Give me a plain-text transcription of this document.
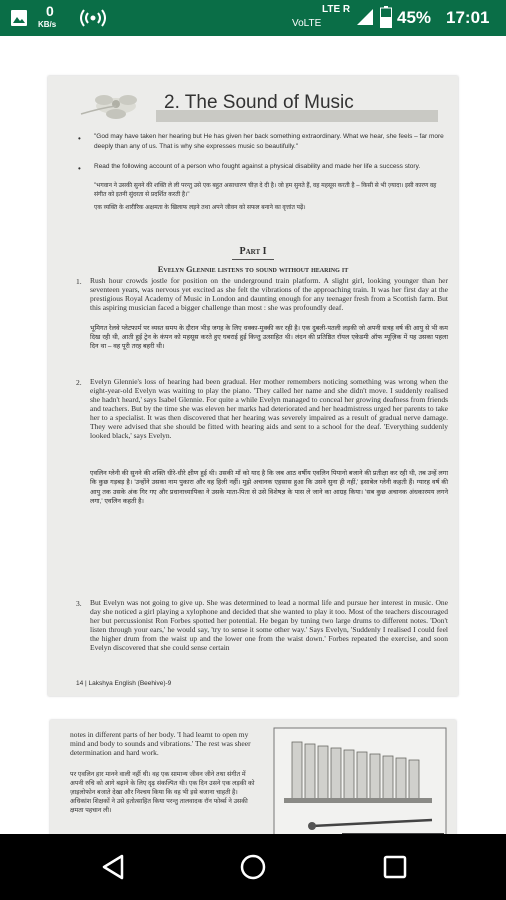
0
KB/s
LTE R
VoLTE	45% 17:01
2. The Sound of Music
• "God may have taken her hearing but He has given her back something extraordinary. What we hear, she feels – far more deeply than any of us. That is why she expresses music so beautifully."
• Read the following account of a person who fought against a physical disability and made her life a success story.
"भगवान ने उसकी सुनने की शक्ति ले ली परन्तु उसे एक बहुत असाधारण चीज़ दे दी है। जो हम सुनते हैं, वह महसूस करती है – किसी से भी ज़्यादा। इसी कारण वह संगीत को इतनी सुंदरता से प्रदर्शित करती है।"
एक व्यक्ति के शारीरिक अक्षमता के खिलाफ लड़ने तथा अपने जीवन को सफल बनाने का वृत्तांत पढ़ें।
Part I
Evelyn Glennie listens to sound without hearing it
1. Rush hour crowds jostle for position on the underground train platform. A slight girl, looking younger than her seventeen years, was nervous yet excited as she felt the vibrations of the approaching train. It was her first day at the prestigious Royal Academy of Music in London and daunting enough for any teenager fresh from a Scottish farm. But this aspiring musician faced a bigger challenge than most : she was profoundly deaf.
भूमिगत रेलवे प्लेटफार्म पर व्यस्त समय के दौरान भीड़ जगह के लिए धक्का-मुक्की कर रही है। एक दुबली-पतली लड़की जो अपनी सत्रह वर्ष की आयु से भी कम दिख रही थी, आती हुई ट्रेन के कंपन को महसूस करते हुए घबराई हुई किन्तु उत्साहित थी। लंदन की प्रतिष्ठित रॉयल एकेडमी ऑफ म्यूज़िक में यह उसका पहला दिन था – वह पूरी तरह बहरी थी।
2. Evelyn Glennie's loss of hearing had been gradual. Her mother remembers noticing something was wrong when the eight-year-old Evelyn was waiting to play the piano. 'They called her name and she didn't move. I suddenly realised she hadn't heard,' says Isabel Glennie. For quite a while Evelyn managed to conceal her growing deafness from friends and teachers. But by the time she was eleven her marks had deteriorated and her headmistress urged her parents to take her to a specialist. It was then discovered that her hearing was severely impaired as a result of gradual nerve damage. They were advised that she should be fitted with hearing aids and sent to a school for the deaf. 'Everything suddenly looked black,' says Evelyn.
एवलिन ग्लेनी की सुनने की शक्ति धीरे-धीरे क्षीण हुई थी। उसकी माँ को याद है कि जब आठ वर्षीय एवलिन पियानो बजाने की प्रतीक्षा कर रही थी, तब उन्हें लगा कि कुछ गड़बड़ है। 'उन्होंने उसका नाम पुकारा और वह हिली नहीं। मुझे अचानक एहसास हुआ कि उसने सुना ही नहीं,' इसाबेल ग्लेनी कहती हैं। ग्यारह वर्ष की आयु तक उसके अंक गिर गए और प्रधानाध्यापिका ने उसके माता-पिता से उसे विशेषज्ञ के पास ले जाने का आग्रह किया। 'सब कुछ अचानक अंधकारमय लगने लगा,' एवलिन कहती है।
3. But Evelyn was not going to give up. She was determined to lead a normal life and pursue her interest in music. One day she noticed a girl playing a xylophone and decided that she wanted to play it too. Most of the teachers discouraged her but percussionist Ron Forbes spotted her potential. He began by tuning two large drums to different notes. 'Don't listen through your ears,' he would say, 'try to sense it some other way.' Says Evelyn, 'Suddenly I realised I could feel the higher drum from the waist up and the lower one from the waist down.' Forbes repeated the exercise, and soon Evelyn discovered that she could sense certain
14 | Lakshya English (Beehive)-9
notes in different parts of her body. 'I had learnt to open my mind and body to sounds and vibrations.' The rest was sheer determination and hard work.
पर एवलिन हार मानने वाली नहीं थी। वह एक सामान्य जीवन जीने तथा संगीत में अपनी रुचि को आगे बढ़ाने के लिए दृढ़ संकल्पित थी। एक दिन उसने एक लड़की को ज़ाइलोफोन बजाते देखा और निश्चय किया कि वह भी इसे बजाना चाहती है। अधिकांश शिक्षकों ने उसे हतोत्साहित किया परन्तु तालवादक रॉन फोर्ब्स ने उसकी क्षमता पहचान ली।
